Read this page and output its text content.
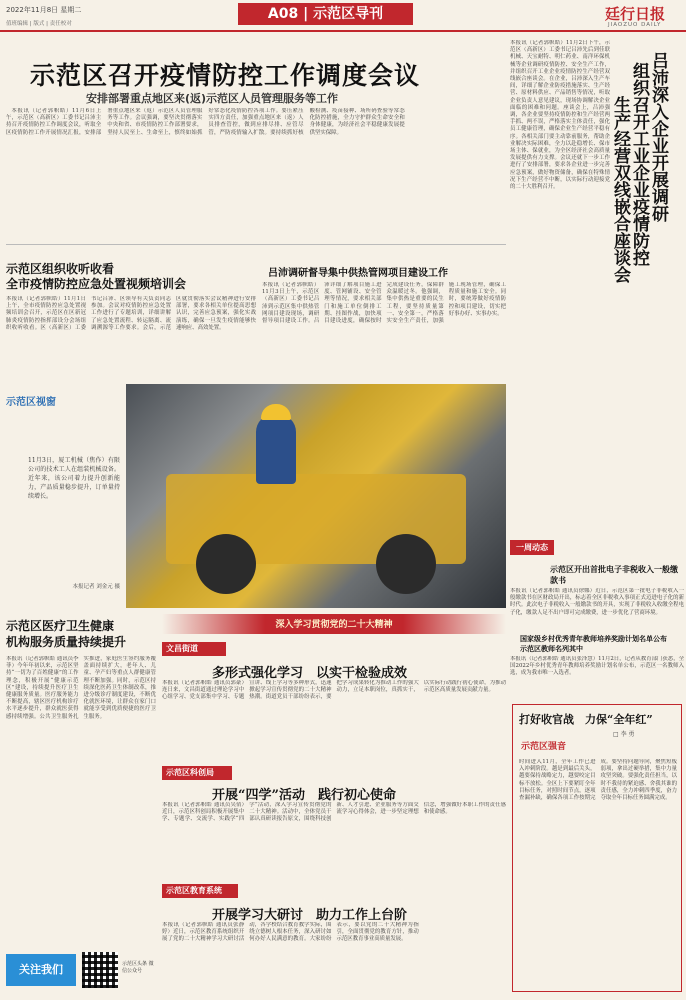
2022年11月8日 星期二
值班编辑 | 版式 | 责任校对
A08 | 示范区导刊	廷行日报
JIAOZUO DAILY
示范区召开疫情防控工作调度会议
安排部署重点地区来(返)示范区人员管理服务等工作
本报讯（记者郭帜皓）11月6日上午，示范区（高新区）工委书记吕沛主持召开疫情防控工作调度会议，听取全区疫情防控工作开展情况汇报，安排部署重点地区来（返）示范区人员管理服务等工作。会议强调，要坚决贯彻落实中央和省、市疫情防控工作部署要求，坚持人民至上、生命至上，慎终如始抓好常态化疫情防控各项工作。要压紧压实四方责任，加强重点地区来（返）人员排查管控，做到应排尽排、应管尽管，严防疫情输入扩散。要持续抓好核酸检测、疫苗接种、场所码查验等常态化防控措施，全力守护群众生命安全和身体健康，为经济社会平稳健康发展提供坚实保障。
示范区组织收听收看
全市疫情防控应急处置视频培训会
本报讯（记者郭帜皓）11月1日上午，全市疫情防控应急处置视频培训会召开，示范区在区新冠肺炎疫情防控指挥部设分会场组织收听收看。区（高新区）工委书记吕沛、区领导有关负责同志参加。会议对疫情防控应急处置工作进行了专题培训，详细讲解了应急处置流程、转运隔离、流调溯源等工作要求。会后，示范区就贯彻落实会议精神进行安排部署，要求各相关单位提高思想认识，完善应急预案，强化实战演练，确保一旦发生疫情能够快速响应、高效处置。
吕沛调研督导集中供热管网项目建设工作
本报讯（记者郭帜皓）11月3日上午，示范区（高新区）工委书记吕沛到示范区集中供热管网项目建设现场，调研督导项目建设工作。吕沛详细了解项目施工进度、管网铺设、安全管理等情况，要求相关部门和施工单位倒排工期、挂图作战，加快项目建设进度，确保按时完成建设任务，保障群众温暖过冬。他强调，集中供热是重要的民生工程，要坚持质量第一、安全第一，严格落实安全生产责任，加强施工现场管理，确保工程质量和施工安全。同时，要统筹做好疫情防控和项目建设，切实把好事办好、实事办实。
本报讯（记者郭帜皓）11月2日下午，示范区（高新区）工委书记吕沛先后到佳联机械、天宝耐特、明仁药业、南洋环保机械等企业调研疫情防控、安全生产工作，并组织召开工业企业疫情防控生产经营双线嵌合座谈会。在企业，吕沛深入生产车间，详细了解企业防疫措施落实、生产经营、原材料供应、产品销售等情况，听取企业负责人意见建议，现场协调解决企业面临的困难和问题。座谈会上，吕沛强调，各企业要坚持疫情防控和生产经营两手抓、两不误，严格落实主体责任，强化员工健康管理，确保企业生产经营平稳有序。各相关部门要主动靠前服务，帮助企业解决实际困难，全力以赴稳增长、保市场主体、保就业，为全区经济社会高质量发展提供有力支撑。会议还就下一步工作进行了安排部署，要求各企业进一步完善应急预案，做好物资储备，确保在特殊情况下生产经营不中断，以实际行动迎接党的二十大胜利召开。	吕沛深入企业开展调研
组织召开工业企业疫情防控
生产经营双线嵌合座谈会
示范区视窗
11月3日，厦工机械（焦作）有限公司的技术工人在组装机械设备。近年来，该公司着力提升创新能力，产品质量稳步提升，订单量持续增长。
本报记者 刘金元 摄
一周动态
示范区开出首批电子非税收入一般缴款书
本报讯（记者郭帜皓 通讯员徐娜）近日，示范区第一批电子非税收入一般缴款书在区财政局开出，标志着全区非税收入事项正式迈进电子化的新时代。此次电子非税收入一般缴款书的开具，实现了非税收入收缴全程电子化，缴款人足不出户即可完成缴费，进一步优化了营商环境。
国家级乡村优秀青年教师培养奖励计划名单公布
示范区教师名列其中
本报讯（记者郭帜皓 通讯员张泽慧）11月2日，记者从教育部门获悉，全国2022年乡村优秀青年教师培养奖励计划名单公布，示范区一名教师入选，成为我市唯一入选者。
打好收官战　力保“全年红”
□ 李 勇
时间进入11月，全年工作已进入冲刺阶段。越是到最后关头，越要保持战略定力，越要咬定目标不放松。全区上下要紧盯全年目标任务，对照时间节点，逐项查漏补缺，确保各项工作按期完成。要坚持问题导向，聚焦短板弱项，拿出过硬举措，集中力量攻坚突破。要强化责任担当，以时不我待的紧迫感、舍我其谁的责任感，全力冲刺四季度，奋力夺取全年目标任务圆满完成。
示范区强音
示范区医疗卫生健康
机构服务质量持续提升
本报讯（记者郭帜皓 通讯员李菲）今年年初以来，示范区坚持“一切为了百姓健康”的工作理念，积极开展“健康示范区”建设，持续提升医疗卫生健康服务质量。医疗服务能力不断提高，辖区医疗机构诊疗水平逐步提升，群众就医获得感持续增强。公共卫生服务扎实推进，家庭医生签约服务覆盖面持续扩大，老年人、儿童、孕产妇等重点人群健康管理不断加强。同时，示范区持续深化医药卫生体制改革，推进分级诊疗制度建设，不断优化就医环境，让群众在家门口就能享受到优质便捷的医疗卫生服务。
关注我们	示范区头条 微信公众号
深入学习贯彻党的二十大精神
文昌街道
多形式强化学习　以实干检验成效
本报讯（记者郭帜皓 通讯员郭豪）连日来，文昌街道通过理论学习中心组学习、党支部集中学习、专题宣讲、线上学习等多种形式，迅速掀起学习宣传贯彻党的二十大精神热潮。街道党员干部纷纷表示，要把学习成果转化为推动工作的强大动力，立足本职岗位，真抓实干，以实际行动践行初心使命，为推动示范区高质量发展贡献力量。
示范区科创局
开展“四学”活动　践行初心使命
本报讯（记者郭帜皓 通讯员吴倩）近日，示范区科创局积极开展集中学、专题学、交流学、实践学“四学”活动，深入学习宣传贯彻党的二十大精神。活动中，全体党员干部认真研读报告原文，围绕科技创新、人才引进、企业服务等方面交流学习心得体会，进一步坚定理想信念，增强做好本职工作的责任感和使命感。
示范区教育系统
开展学习大研讨　助力工作上台阶
本报讯（记者郭帜皓 通讯员张静婷）近日，示范区教育系统组织开展了党的二十大精神学习大研讨活动，各学校结合教育教学实际，围绕立德树人根本任务，深入研讨如何办好人民满意的教育。大家纷纷表示，要以党的二十大精神为指引，全面贯彻党的教育方针，推动示范区教育事业高质量发展。
